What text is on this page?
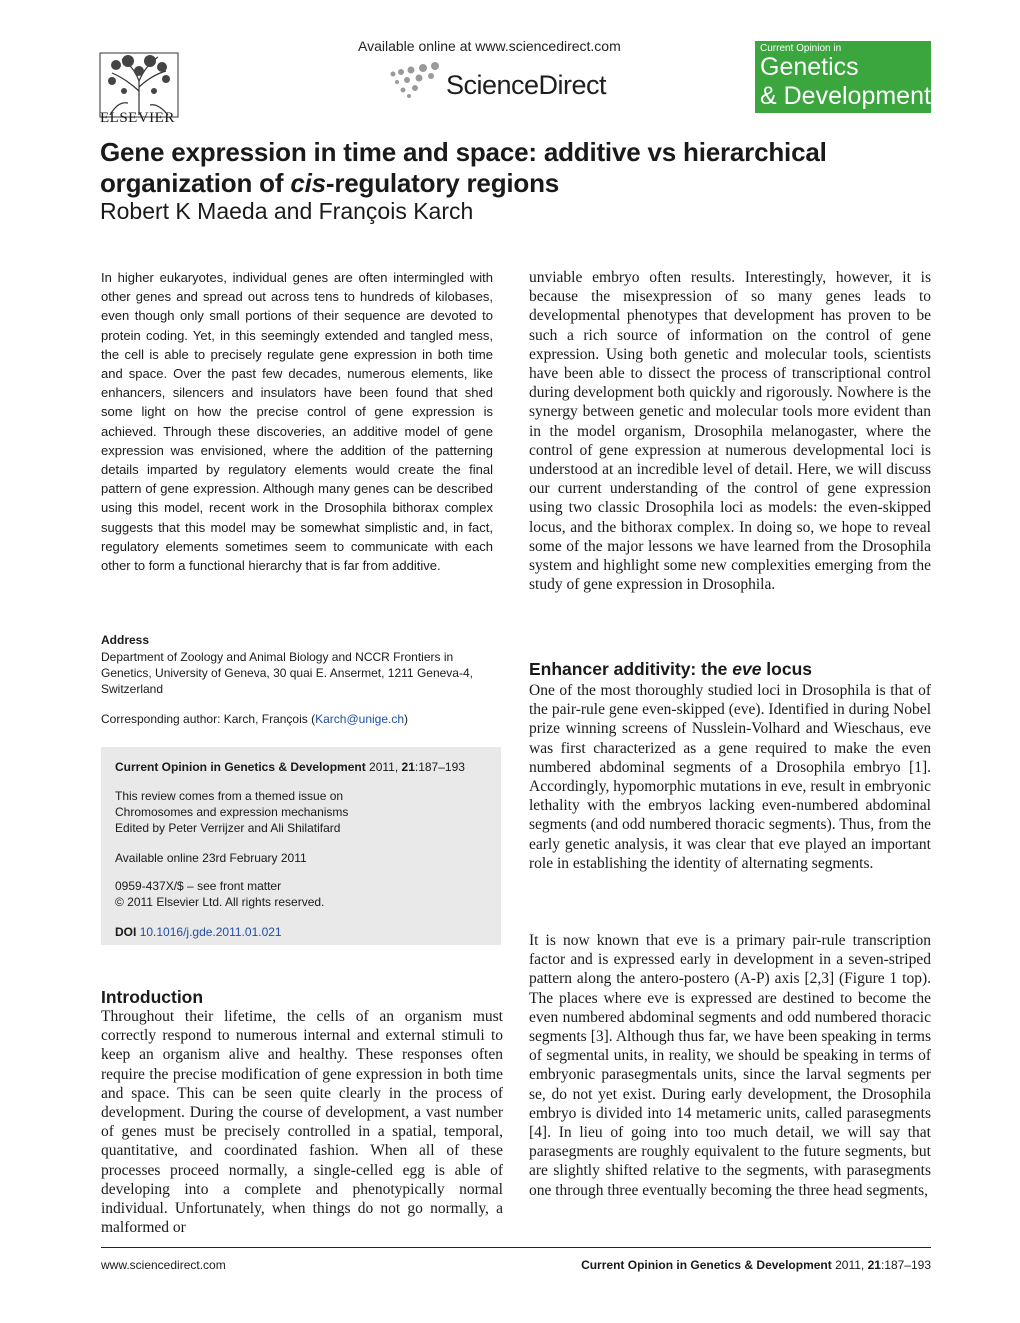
ELSEVIER
Available online at www.sciencedirect.com
ScienceDirect
Current Opinion in
Genetics
& Development
Gene expression in time and space: additive vs hierarchical organization of cis-regulatory regions
Robert K Maeda and François Karch
In higher eukaryotes, individual genes are often intermingled with other genes and spread out across tens to hundreds of kilobases, even though only small portions of their sequence are devoted to protein coding. Yet, in this seemingly extended and tangled mess, the cell is able to precisely regulate gene expression in both time and space. Over the past few decades, numerous elements, like enhancers, silencers and insulators have been found that shed some light on how the precise control of gene expression is achieved. Through these discoveries, an additive model of gene expression was envisioned, where the addition of the patterning details imparted by regulatory elements would create the final pattern of gene expression. Although many genes can be described using this model, recent work in the Drosophila bithorax complex suggests that this model may be somewhat simplistic and, in fact, regulatory elements sometimes seem to communicate with each other to form a functional hierarchy that is far from additive.
Address
Department of Zoology and Animal Biology and NCCR Frontiers in Genetics, University of Geneva, 30 quai E. Ansermet, 1211 Geneva-4, Switzerland
Corresponding author: Karch, François (Karch@unige.ch)
Current Opinion in Genetics & Development 2011, 21:187–193
This review comes from a themed issue on
Chromosomes and expression mechanisms
Edited by Peter Verrijzer and Ali Shilatifard
Available online 23rd February 2011
0959-437X/$ – see front matter
© 2011 Elsevier Ltd. All rights reserved.
DOI 10.1016/j.gde.2011.01.021
Introduction
Throughout their lifetime, the cells of an organism must correctly respond to numerous internal and external stimuli to keep an organism alive and healthy. These responses often require the precise modification of gene expression in both time and space. This can be seen quite clearly in the process of development. During the course of development, a vast number of genes must be precisely controlled in a spatial, temporal, quantitative, and coordinated fashion. When all of these processes proceed normally, a single-celled egg is able of developing into a complete and phenotypically normal individual. Unfortunately, when things do not go normally, a malformed or
unviable embryo often results. Interestingly, however, it is because the misexpression of so many genes leads to developmental phenotypes that development has proven to be such a rich source of information on the control of gene expression. Using both genetic and molecular tools, scientists have been able to dissect the process of transcriptional control during development both quickly and rigorously. Nowhere is the synergy between genetic and molecular tools more evident than in the model organism, Drosophila melanogaster, where the control of gene expression at numerous developmental loci is understood at an incredible level of detail. Here, we will discuss our current understanding of the control of gene expression using two classic Drosophila loci as models: the even-skipped locus, and the bithorax complex. In doing so, we hope to reveal some of the major lessons we have learned from the Drosophila system and highlight some new complexities emerging from the study of gene expression in Drosophila.
Enhancer additivity: the eve locus
One of the most thoroughly studied loci in Drosophila is that of the pair-rule gene even-skipped (eve). Identified in during Nobel prize winning screens of Nusslein-Volhard and Wieschaus, eve was first characterized as a gene required to make the even numbered abdominal segments of a Drosophila embryo [1]. Accordingly, hypomorphic mutations in eve, result in embryonic lethality with the embryos lacking even-numbered abdominal segments (and odd numbered thoracic segments). Thus, from the early genetic analysis, it was clear that eve played an important role in establishing the identity of alternating segments.
It is now known that eve is a primary pair-rule transcription factor and is expressed early in development in a seven-striped pattern along the antero-postero (A-P) axis [2,3] (Figure 1 top). The places where eve is expressed are destined to become the even numbered abdominal segments and odd numbered thoracic segments [3]. Although thus far, we have been speaking in terms of segmental units, in reality, we should be speaking in terms of embryonic parasegmentals units, since the larval segments per se, do not yet exist. During early development, the Drosophila embryo is divided into 14 metameric units, called parasegments [4]. In lieu of going into too much detail, we will say that parasegments are roughly equivalent to the future segments, but are slightly shifted relative to the segments, with parasegments one through three eventually becoming the three head segments,
www.sciencedirect.com	Current Opinion in Genetics & Development 2011, 21:187–193
